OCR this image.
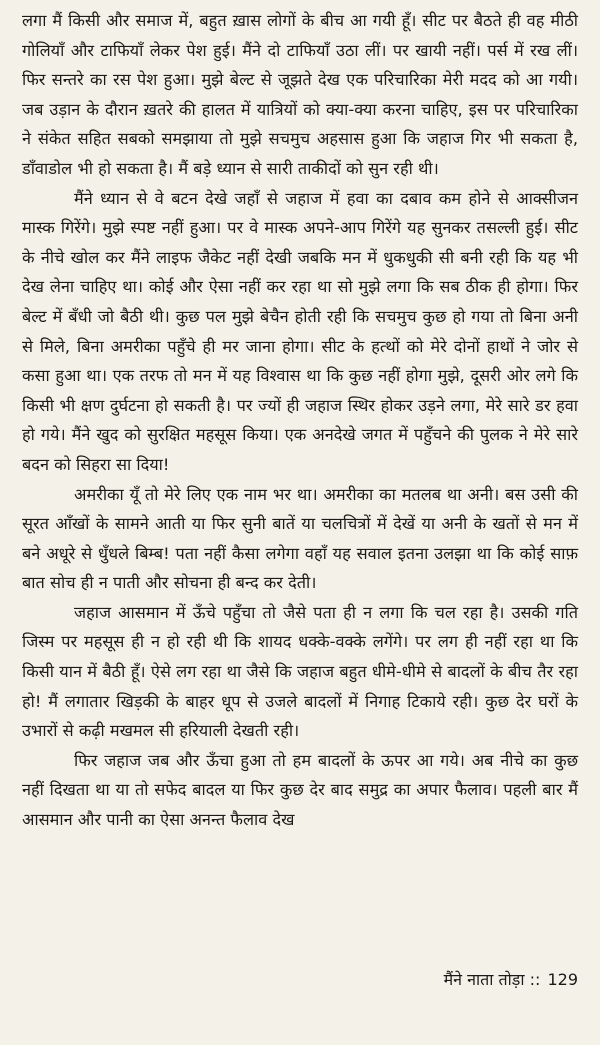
लगा मैं किसी और समाज में, बहुत ख़ास लोगों के बीच आ गयी हूँ। सीट पर बैठते ही वह मीठी गोलियाँ और टाफियाँ लेकर पेश हुई। मैंने दो टाफियाँ उठा लीं। पर खायी नहीं। पर्स में रख लीं। फिर सन्तरे का रस पेश हुआ। मुझे बेल्ट से जूझते देख एक परिचारिका मेरी मदद को आ गयी। जब उड़ान के दौरान ख़तरे की हालत में यात्रियों को क्या-क्या करना चाहिए, इस पर परिचारिका ने संकेत सहित सबको समझाया तो मुझे सचमुच अहसास हुआ कि जहाज गिर भी सकता है, डाँवाडोल भी हो सकता है। मैं बड़े ध्यान से सारी ताकीदों को सुन रही थी।

मैंने ध्यान से वे बटन देखे जहाँ से जहाज में हवा का दबाव कम होने से आक्सीजन मास्क गिरेंगे। मुझे स्पष्ट नहीं हुआ। पर वे मास्क अपने-आप गिरेंगे यह सुनकर तसल्ली हुई। सीट के नीचे खोल कर मैंने लाइफ जैकेट नहीं देखी जबकि मन में धुकधुकी सी बनी रही कि यह भी देख लेना चाहिए था। कोई और ऐसा नहीं कर रहा था सो मुझे लगा कि सब ठीक ही होगा। फिर बेल्ट में बँधी जो बैठी थी। कुछ पल मुझे बेचैन होती रही कि सचमुच कुछ हो गया तो बिना अनी से मिले, बिना अमरीका पहुँचे ही मर जाना होगा। सीट के हत्थों को मेरे दोनों हाथों ने जोर से कसा हुआ था। एक तरफ तो मन में यह विश्वास था कि कुछ नहीं होगा मुझे, दूसरी ओर लगे कि किसी भी क्षण दुर्घटना हो सकती है। पर ज्यों ही जहाज स्थिर होकर उड़ने लगा, मेरे सारे डर हवा हो गये। मैंने खुद को सुरक्षित महसूस किया। एक अनदेखे जगत में पहुँचने की पुलक ने मेरे सारे बदन को सिहरा सा दिया!

अमरीका यूँ तो मेरे लिए एक नाम भर था। अमरीका का मतलब था अनी। बस उसी की सूरत आँखों के सामने आती या फिर सुनी बातें या चलचित्रों में देखें या अनी के खतों से मन में बने अधूरे से धुँधले बिम्ब! पता नहीं कैसा लगेगा वहाँ यह सवाल इतना उलझा था कि कोई साफ़ बात सोच ही न पाती और सोचना ही बन्द कर देती।

जहाज आसमान में ऊँचे पहुँचा तो जैसे पता ही न लगा कि चल रहा है। उसकी गति जिस्म पर महसूस ही न हो रही थी कि शायद धक्के-वक्के लगेंगे। पर लग ही नहीं रहा था कि किसी यान में बैठी हूँ। ऐसे लग रहा था जैसे कि जहाज बहुत धीमे-धीमे से बादलों के बीच तैर रहा हो! मैं लगातार खिड़की के बाहर धूप से उजले बादलों में निगाह टिकाये रही। कुछ देर घरों के उभारों से कढ़ी मखमल सी हरियाली देखती रही।

फिर जहाज जब और ऊँचा हुआ तो हम बादलों के ऊपर आ गये। अब नीचे का कुछ नहीं दिखता था या तो सफेद बादल या फिर कुछ देर बाद समुद्र का अपार फैलाव। पहली बार मैं आसमान और पानी का ऐसा अनन्त फैलाव देख

मैंने नाता तोड़ा :: 129
